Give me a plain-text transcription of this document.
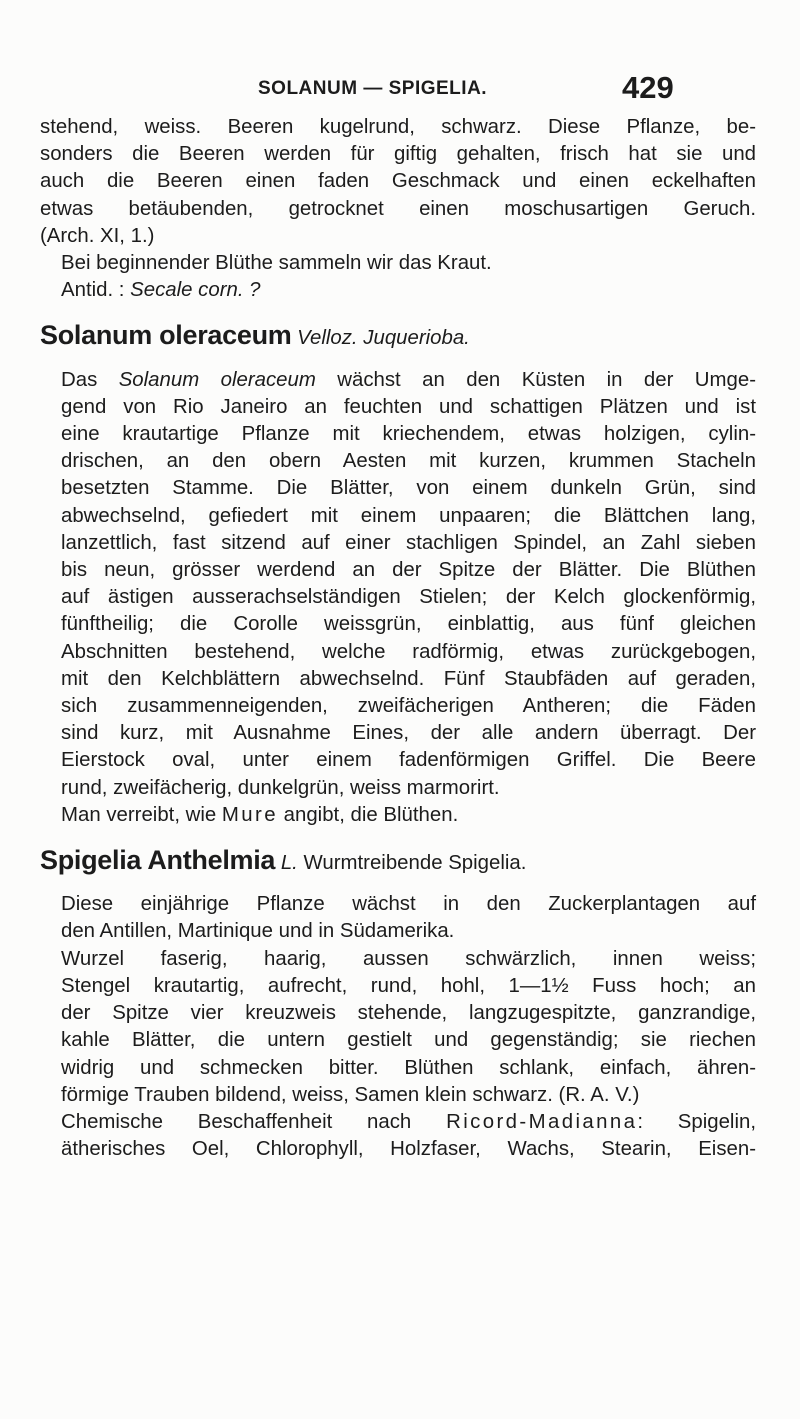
SOLANUM — SPIGELIA.	429

stehend, weiss. Beeren kugelrund, schwarz. Diese Pflanze, be-
sonders die Beeren werden für giftig gehalten, frisch hat sie und
auch die Beeren einen faden Geschmack und einen eckelhaften
etwas betäubenden, getrocknet einen moschusartigen Geruch.
(Arch. XI, 1.)

Bei beginnender Blüthe sammeln wir das Kraut.

Antid. : Secale corn. ?

Solanum oleraceum Velloz. Juquerioba.

Das Solanum oleraceum wächst an den Küsten in der Umge-
gend von Rio Janeiro an feuchten und schattigen Plätzen und ist
eine krautartige Pflanze mit kriechendem, etwas holzigen, cylin-
drischen, an den obern Aesten mit kurzen, krummen Stacheln
besetzten Stamme. Die Blätter, von einem dunkeln Grün, sind
abwechselnd, gefiedert mit einem unpaaren; die Blättchen lang,
lanzettlich, fast sitzend auf einer stachligen Spindel, an Zahl sieben
bis neun, grösser werdend an der Spitze der Blätter. Die Blüthen
auf ästigen ausserachselständigen Stielen; der Kelch glockenförmig,
fünftheilig; die Corolle weissgrün, einblattig, aus fünf gleichen
Abschnitten bestehend, welche radförmig, etwas zurückgebogen,
mit den Kelchblättern abwechselnd. Fünf Staubfäden auf geraden,
sich zusammenneigenden, zweifächerigen Antheren; die Fäden
sind kurz, mit Ausnahme Eines, der alle andern überragt. Der
Eierstock oval, unter einem fadenförmigen Griffel. Die Beere
rund, zweifächerig, dunkelgrün, weiss marmorirt.

Man verreibt, wie Mure angibt, die Blüthen.

Spigelia Anthelmia L. Wurmtreibende Spigelia.

Diese einjährige Pflanze wächst in den Zuckerplantagen auf
den Antillen, Martinique und in Südamerika.

Wurzel faserig, haarig, aussen schwärzlich, innen weiss;
Stengel krautartig, aufrecht, rund, hohl, 1—1½ Fuss hoch; an
der Spitze vier kreuzweis stehende, langzugespitzte, ganzrandige,
kahle Blätter, die untern gestielt und gegenständig; sie riechen
widrig und schmecken bitter. Blüthen schlank, einfach, ähren-
förmige Trauben bildend, weiss, Samen klein schwarz. (R. A. V.)

Chemische Beschaffenheit nach Ricord-Madianna: Spigelin,
ätherisches Oel, Chlorophyll, Holzfaser, Wachs, Stearin, Eisen-
